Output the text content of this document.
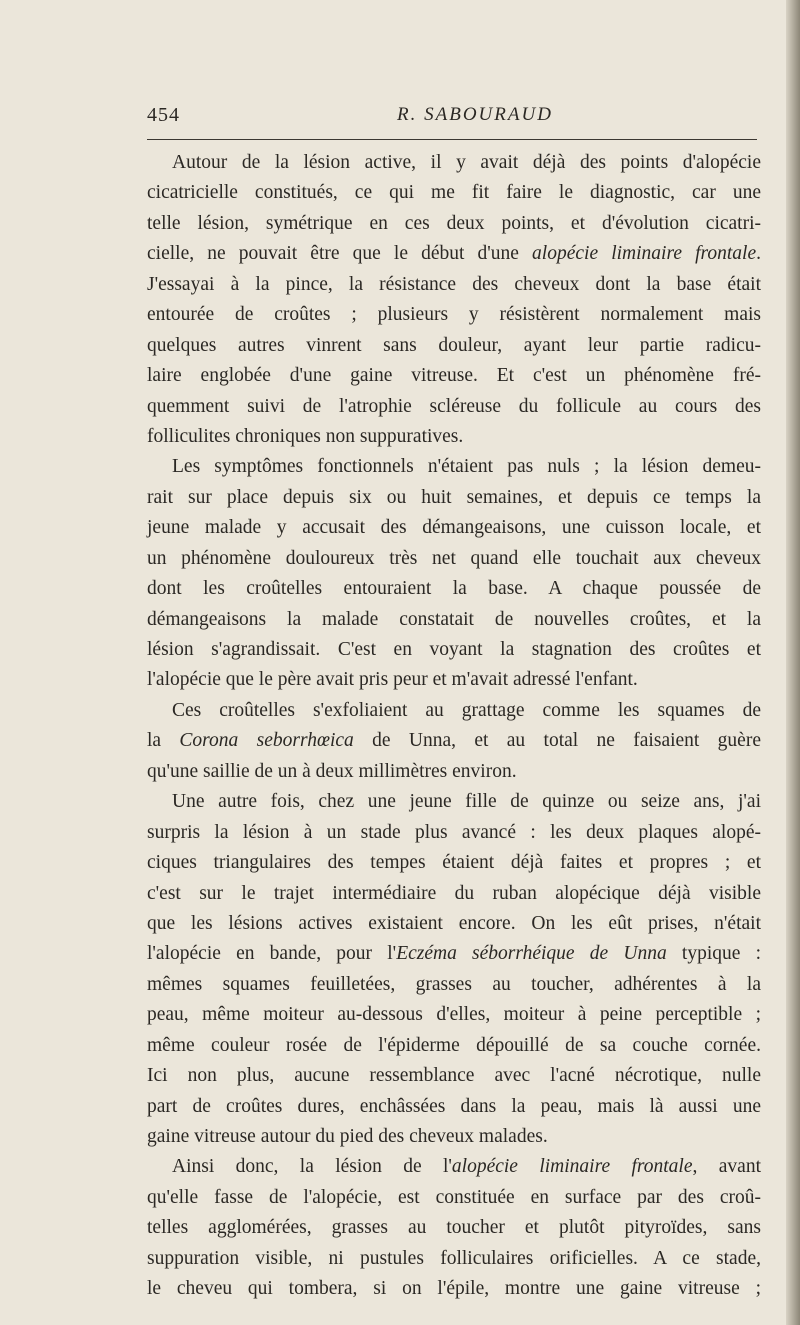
454	R. SABOURAUD
Autour de la lésion active, il y avait déjà des points d'alopécie
cicatricielle constitués, ce qui me fit faire le diagnostic, car une
telle lésion, symétrique en ces deux points, et d'évolution cicatri-
cielle, ne pouvait être que le début d'une alopécie liminaire frontale.
J'essayai à la pince, la résistance des cheveux dont la base était
entourée de croûtes ; plusieurs y résistèrent normalement mais
quelques autres vinrent sans douleur, ayant leur partie radicu-
laire englobée d'une gaine vitreuse. Et c'est un phénomène fré-
quemment suivi de l'atrophie scléreuse du follicule au cours des
folliculites chroniques non suppuratives.
Les symptômes fonctionnels n'étaient pas nuls ; la lésion demeu-
rait sur place depuis six ou huit semaines, et depuis ce temps la
jeune malade y accusait des démangeaisons, une cuisson locale, et
un phénomène douloureux très net quand elle touchait aux cheveux
dont les croûtelles entouraient la base. A chaque poussée de
démangeaisons la malade constatait de nouvelles croûtes, et la
lésion s'agrandissait. C'est en voyant la stagnation des croûtes et
l'alopécie que le père avait pris peur et m'avait adressé l'enfant.
Ces croûtelles s'exfoliaient au grattage comme les squames de
la Corona seborrhœica de Unna, et au total ne faisaient guère
qu'une saillie de un à deux millimètres environ.
Une autre fois, chez une jeune fille de quinze ou seize ans, j'ai
surpris la lésion à un stade plus avancé : les deux plaques alopé-
ciques triangulaires des tempes étaient déjà faites et propres ; et
c'est sur le trajet intermédiaire du ruban alopécique déjà visible
que les lésions actives existaient encore. On les eût prises, n'était
l'alopécie en bande, pour l'Eczéma séborrhéique de Unna typique :
mêmes squames feuilletées, grasses au toucher, adhérentes à la
peau, même moiteur au-dessous d'elles, moiteur à peine perceptible ;
même couleur rosée de l'épiderme dépouillé de sa couche cornée.
Ici non plus, aucune ressemblance avec l'acné nécrotique, nulle
part de croûtes dures, enchâssées dans la peau, mais là aussi une
gaine vitreuse autour du pied des cheveux malades.
Ainsi donc, la lésion de l'alopécie liminaire frontale, avant
qu'elle fasse de l'alopécie, est constituée en surface par des croû-
telles agglomérées, grasses au toucher et plutôt pityroïdes, sans
suppuration visible, ni pustules folliculaires orificielles. A ce stade,
le cheveu qui tombera, si on l'épile, montre une gaine vitreuse ;
